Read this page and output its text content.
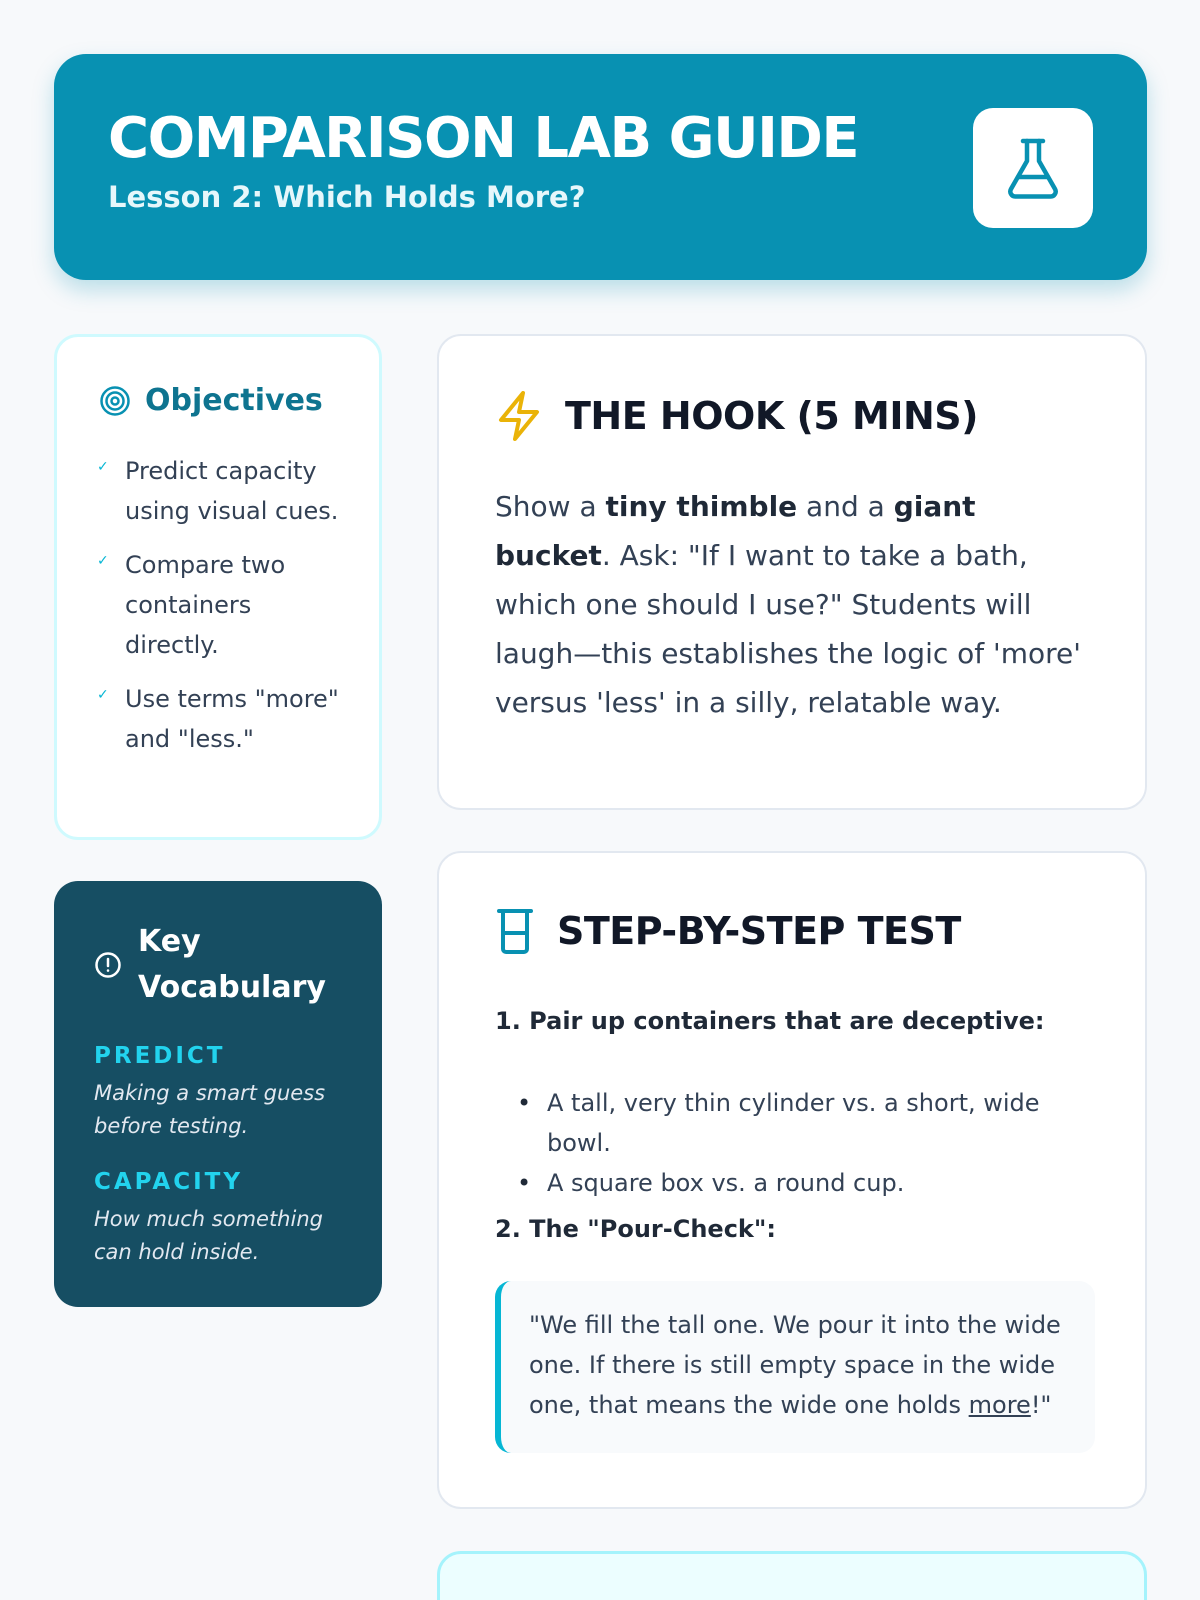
COMPARISON LAB GUIDE
Lesson 2: Which Holds More?
Objectives
✓ Predict capacity using visual cues.
✓ Compare two containers directly.
✓ Use terms "more" and "less."
Key Vocabulary
PREDICT
Making a smart guess before testing.
CAPACITY
How much something can hold inside.
THE HOOK (5 MINS)
Show a tiny thimble and a giant bucket. Ask: "If I want to take a bath, which one should I use?" Students will laugh—this establishes the logic of 'more' versus 'less' in a silly, relatable way.
STEP-BY-STEP TEST
1. Pair up containers that are deceptive:
• A tall, very thin cylinder vs. a short, wide bowl.
• A square box vs. a round cup.
2. The "Pour-Check":
"We fill the tall one. We pour it into the wide one. If there is still empty space in the wide one, that means the wide one holds more!"
